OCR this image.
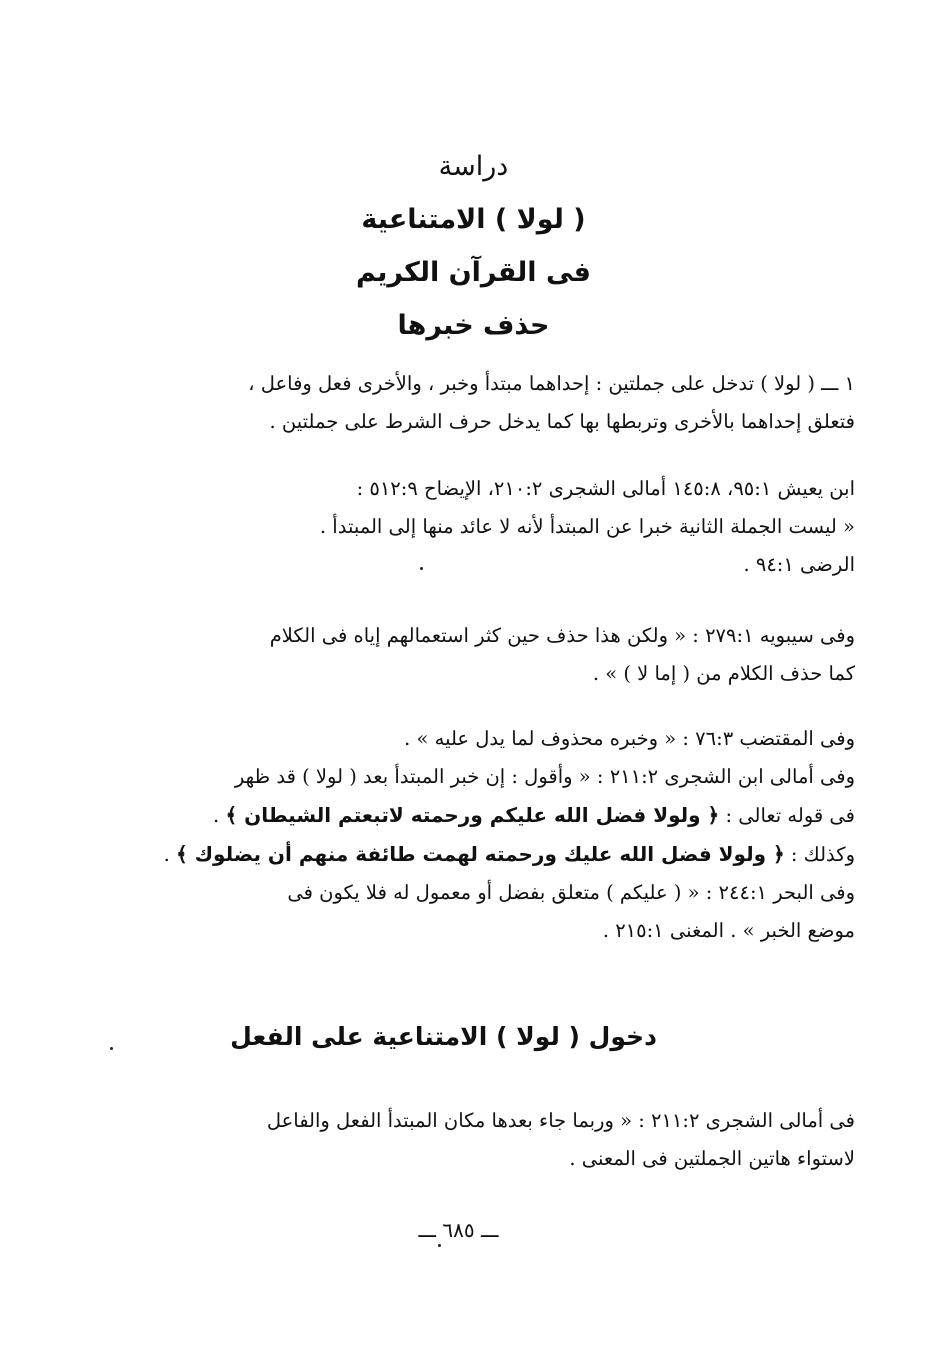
دراسة
( لولا ) الامتناعية
فى القرآن الكريم
حذف خبرها
١ ـــ ( لولا ) تدخل على جملتين : إحداهما مبتدأ وخبر ، والأخرى فعل وفاعل ،
فتعلق إحداهما بالأخرى وتربطها بها كما يدخل حرف الشرط على جملتين .
ابن يعيش ٩٥:١، ١٤٥:٨ أمالى الشجرى ٢١٠:٢، الإيضاح ٥١٢:٩ :
« ليست الجملة الثانية خبرا عن المبتدأ لأنه لا عائد منها إلى المبتدأ .
الرضى ٩٤:١ .
وفى سيبويه ٢٧٩:١ : « ولكن هذا حذف حين كثر استعمالهم إياه فى الكلام
كما حذف الكلام من ( إما لا ) » .
وفى المقتضب ٧٦:٣ : « وخبره محذوف لما يدل عليه » .
وفى أمالى ابن الشجرى ٢١١:٢ : « وأقول : إن خبر المبتدأ بعد ( لولا ) قد ظهر
فى قوله تعالى : ﴿ ولولا فضل الله عليكم ورحمته لاتبعتم الشيطان ﴾ .
وكذلك : ﴿ ولولا فضل الله عليك ورحمته لهمت طائفة منهم أن يضلوك ﴾ .
وفى البحر ٢٤٤:١ : « ( عليكم ) متعلق بفضل أو معمول له فلا يكون فى
موضع الخبر » . المغنى ٢١٥:١ .
دخول ( لولا ) الامتناعية على الفعل
فى أمالى الشجرى ٢١١:٢ : « وربما جاء بعدها مكان المبتدأ الفعل والفاعل
لاستواء هاتين الجملتين فى المعنى .
ـــ ٦٨٥ ـــ
